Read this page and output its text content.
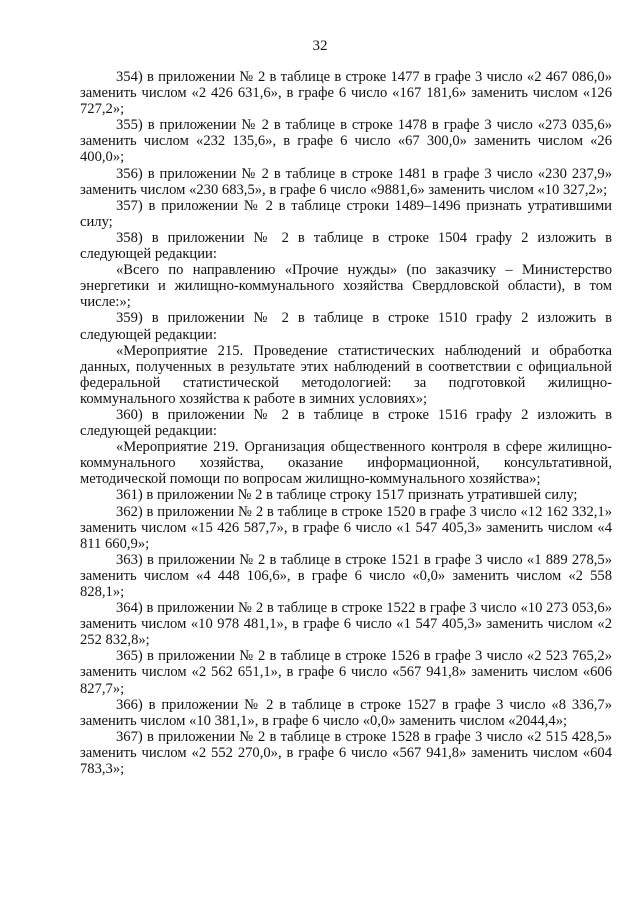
32

354) в приложении № 2 в таблице в строке 1477 в графе 3 число «2 467 086,0» заменить числом «2 426 631,6», в графе 6 число «167 181,6» заменить числом «126 727,2»;

355) в приложении № 2 в таблице в строке 1478 в графе 3 число «273 035,6» заменить числом «232 135,6», в графе 6 число «67 300,0» заменить числом «26 400,0»;

356) в приложении № 2 в таблице в строке 1481 в графе 3 число «230 237,9» заменить числом «230 683,5», в графе 6 число «9881,6» заменить числом «10 327,2»;

357) в приложении № 2 в таблице строки 1489–1496 признать утратившими силу;

358) в приложении № 2 в таблице в строке 1504 графу 2 изложить в следующей редакции:

«Всего по направлению «Прочие нужды» (по заказчику – Министерство энергетики и жилищно-коммунального хозяйства Свердловской области), в том числе:»;

359) в приложении № 2 в таблице в строке 1510 графу 2 изложить в следующей редакции:

«Мероприятие 215. Проведение статистических наблюдений и обработка данных, полученных в результате этих наблюдений в соответствии с официальной федеральной статистической методологией: за подготовкой жилищно-коммунального хозяйства к работе в зимних условиях»;

360) в приложении № 2 в таблице в строке 1516 графу 2 изложить в следующей редакции:

«Мероприятие 219. Организация общественного контроля в сфере жилищно-коммунального хозяйства, оказание информационной, консультативной, методической помощи по вопросам жилищно-коммунального хозяйства»;

361) в приложении № 2 в таблице строку 1517 признать утратившей силу;

362) в приложении № 2 в таблице в строке 1520 в графе 3 число «12 162 332,1» заменить числом «15 426 587,7», в графе 6 число «1 547 405,3» заменить числом «4 811 660,9»;

363) в приложении № 2 в таблице в строке 1521 в графе 3 число «1 889 278,5» заменить числом «4 448 106,6», в графе 6 число «0,0» заменить числом «2 558 828,1»;

364) в приложении № 2 в таблице в строке 1522 в графе 3 число «10 273 053,6» заменить числом «10 978 481,1», в графе 6 число «1 547 405,3» заменить числом «2 252 832,8»;

365) в приложении № 2 в таблице в строке 1526 в графе 3 число «2 523 765,2» заменить числом «2 562 651,1», в графе 6 число «567 941,8» заменить числом «606 827,7»;

366) в приложении № 2 в таблице в строке 1527 в графе 3 число «8 336,7» заменить числом «10 381,1», в графе 6 число «0,0» заменить числом «2044,4»;

367) в приложении № 2 в таблице в строке 1528 в графе 3 число «2 515 428,5» заменить числом «2 552 270,0», в графе 6 число «567 941,8» заменить числом «604 783,3»;
